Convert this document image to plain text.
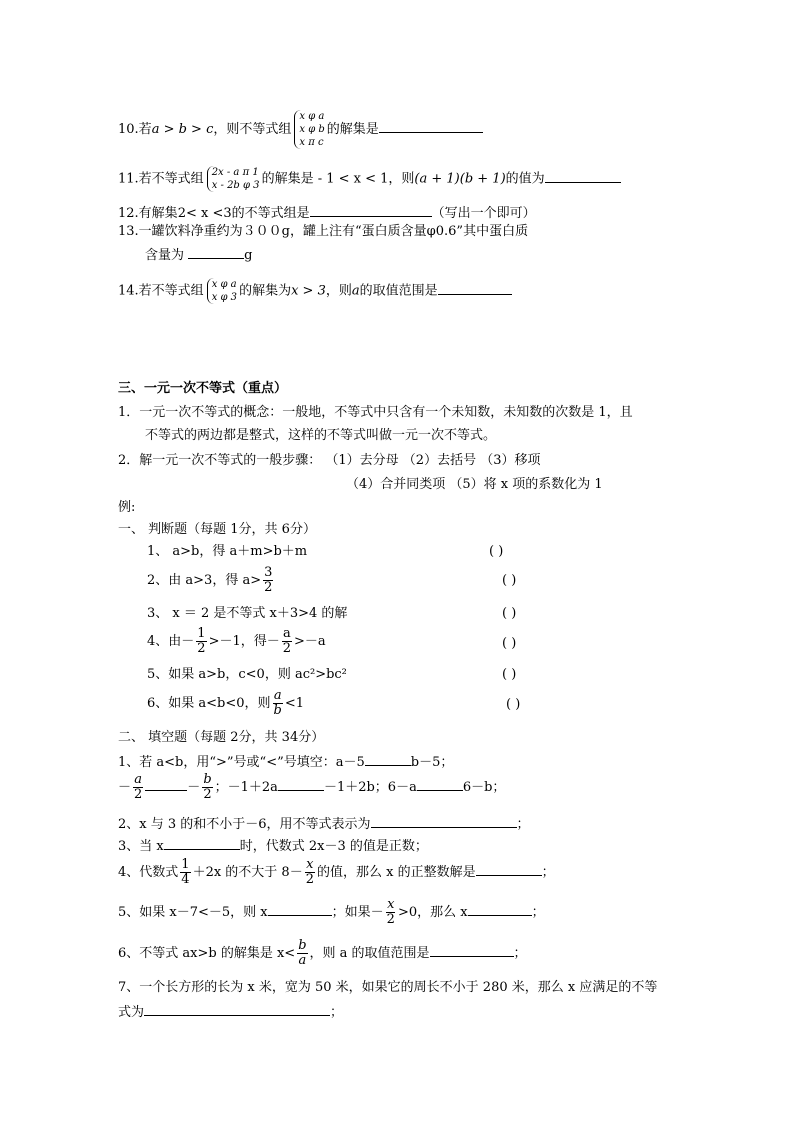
10.若a > b > c，则不等式组
x φ a
x φ b
x π c
的解集是
11.若不等式组 2x - a π 1
x - 2b φ 3 的解集是 - 1 < x < 1，则(a + 1)(b + 1)的值为
12.有解集2< x <3的不等式组是	（写出一个即可）
13.一罐饮料净重约为３００g，罐上注有“蛋白质含量φ0.6”其中蛋白质
含量为	g
14.若不等式组 x φ a
x φ 3 的解集为x > 3，则a的取值范围是
三、一元一次不等式（重点）
1．一元一次不等式的概念：一般地，不等式中只含有一个未知数，未知数的次数是 1，且
不等式的两边都是整式，这样的不等式叫做一元一次不等式。
2．解一元一次不等式的一般步骤： （1）去分母 （2）去括号 （3）移项
（4）合并同类项 （5）将 x 项的系数化为 1
例:
一、 判断题（每题 1分，共 6分）
1、 a>b，得 a＋m>b＋m	( )
2、由 a>3，得 $a> \frac{3}{2}$	( )
3、 x ＝ 2 是不等式 x＋3>4 的解	( )
4、由－ $\frac{1}{2} >-1$，得－ $\frac{a}{2} >-a$	( )
5、如果 a>b，c<0，则 ac²>bc²	( )
6、如果 a<b<0，则 $\frac{a}{b} <1$	( )
二、 填空题（每题 2分，共 34分）
1、若 a<b，用“>”号或“<”号填空：a－5	b－5；
－ $\frac{a}{2}$	－ $\frac{b}{2}$ ；－1＋2a	－1＋2b；6－a	6－b；
2、x 与 3 的和不小于－6，用不等式表示为	；
3、当 x	时，代数式 2x－3 的值是正数；
4、代数式 $\frac{1}{4} +2x$ 的不大于 $8- \frac{x}{2}$ 的值，那么 x 的正整数解是	；
5、如果 x－7<－5，则 x	；如果－ $\frac{x}{2} >0$，那么 x	；
6、不等式 ax>b 的解集是 $x< \frac{b}{a}$ ，则 a 的取值范围是	；
7、一个长方形的长为 x 米，宽为 50 米，如果它的周长不小于 280 米，那么 x 应满足的不等
式为	；
